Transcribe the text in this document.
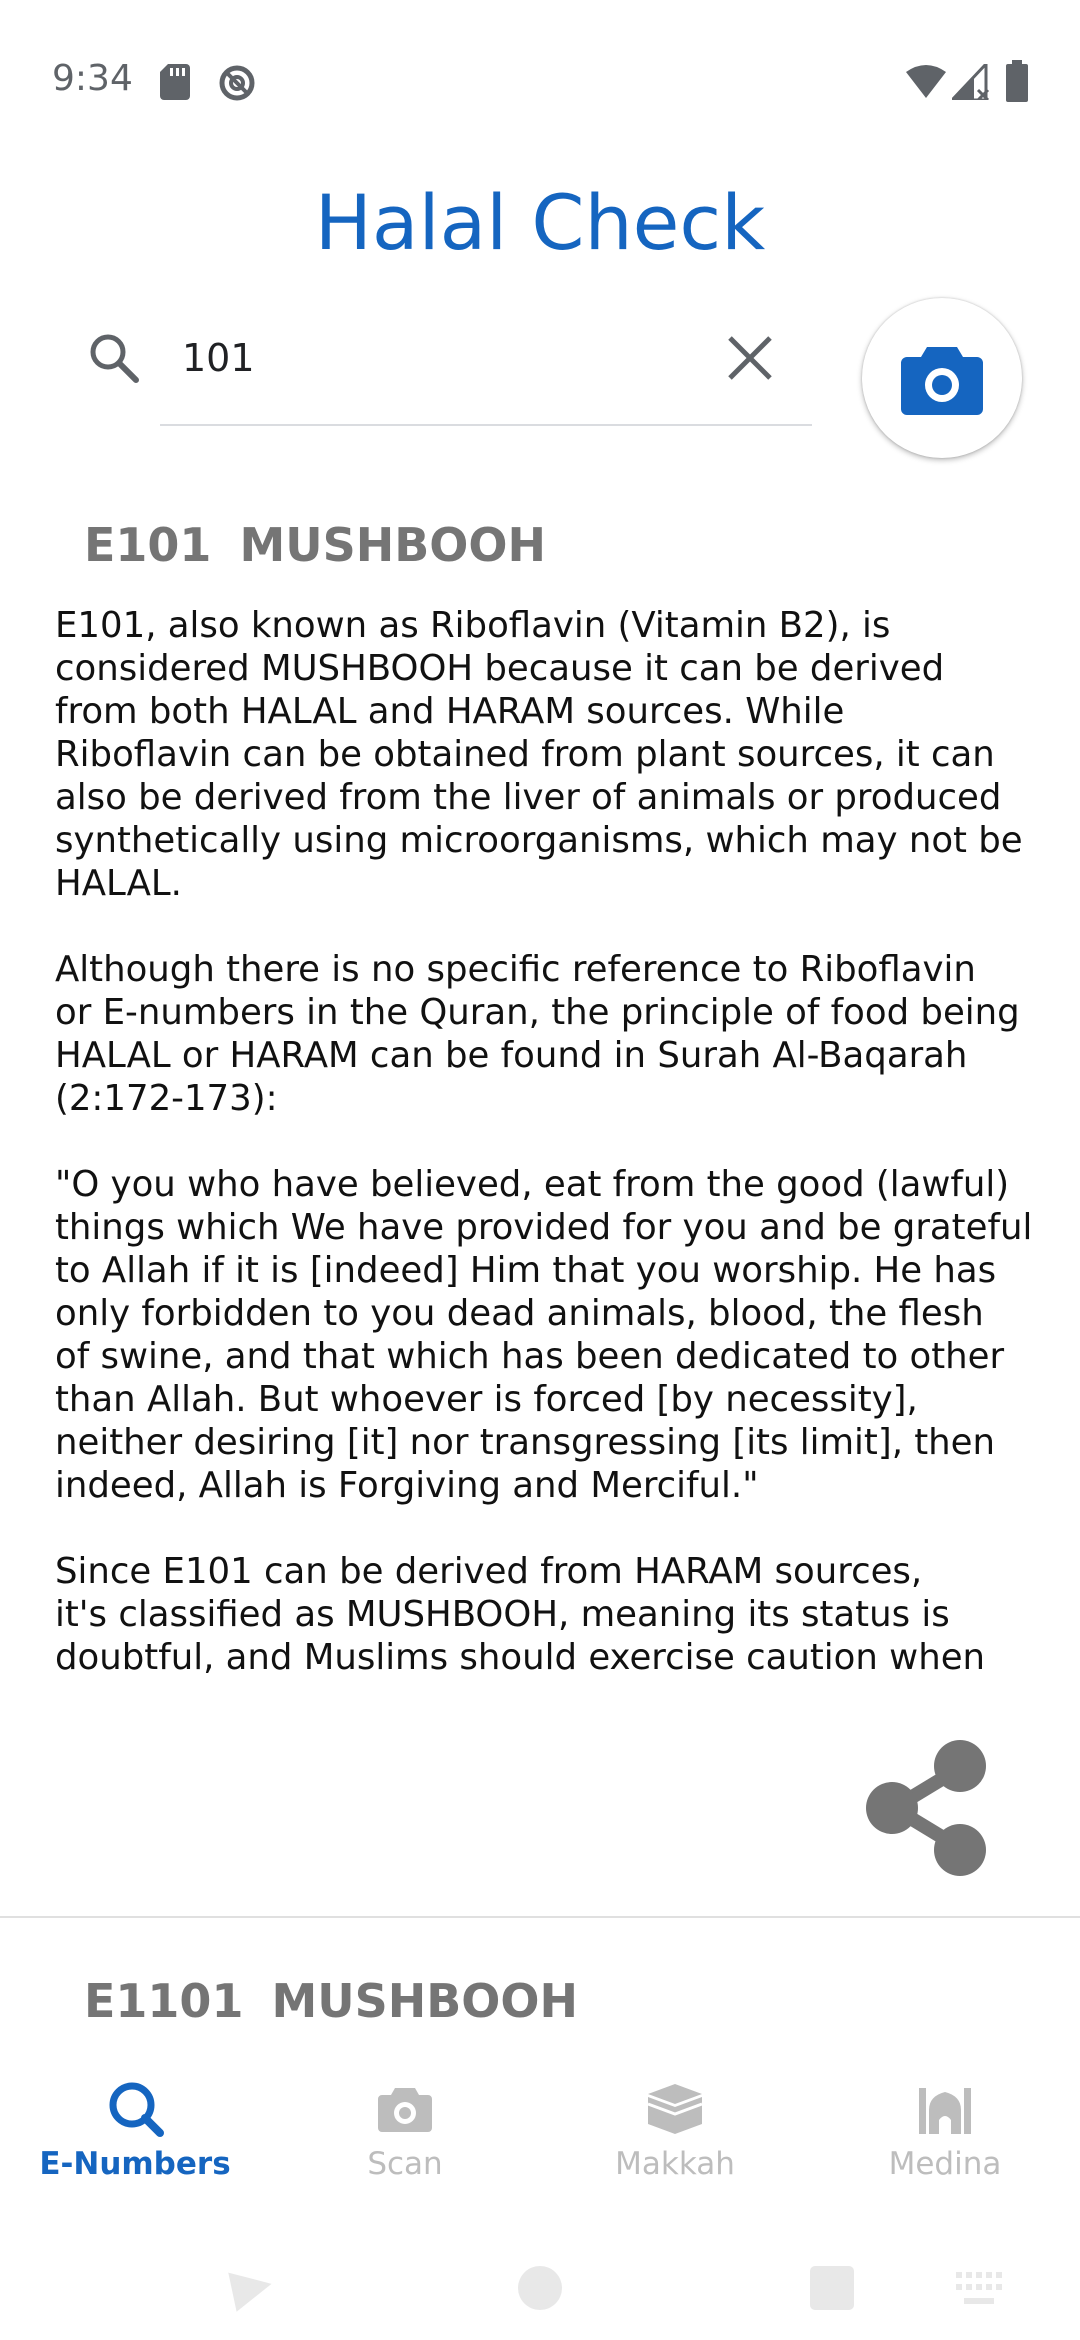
9:34
Halal Check
101
E101 MUSHBOOH
E101, also known as Riboflavin (Vitamin B2), is
considered MUSHBOOH because it can be derived
from both HALAL and HARAM sources. While
Riboflavin can be obtained from plant sources, it can
also be derived from the liver of animals or produced
synthetically using microorganisms, which may not be
HALAL.

Although there is no specific reference to Riboflavin
or E-numbers in the Quran, the principle of food being
HALAL or HARAM can be found in Surah Al-Baqarah
(2:172-173):

"O you who have believed, eat from the good (lawful)
things which We have provided for you and be grateful
to Allah if it is [indeed] Him that you worship. He has
only forbidden to you dead animals, blood, the flesh
of swine, and that which has been dedicated to other
than Allah. But whoever is forced [by necessity],
neither desiring [it] nor transgressing [its limit], then
indeed, Allah is Forgiving and Merciful."

Since E101 can be derived from HARAM sources,
it's classified as MUSHBOOH, meaning its status is
doubtful, and Muslims should exercise caution when
E1101 MUSHBOOH
E-Numbers	Scan	Makkah	Medina
